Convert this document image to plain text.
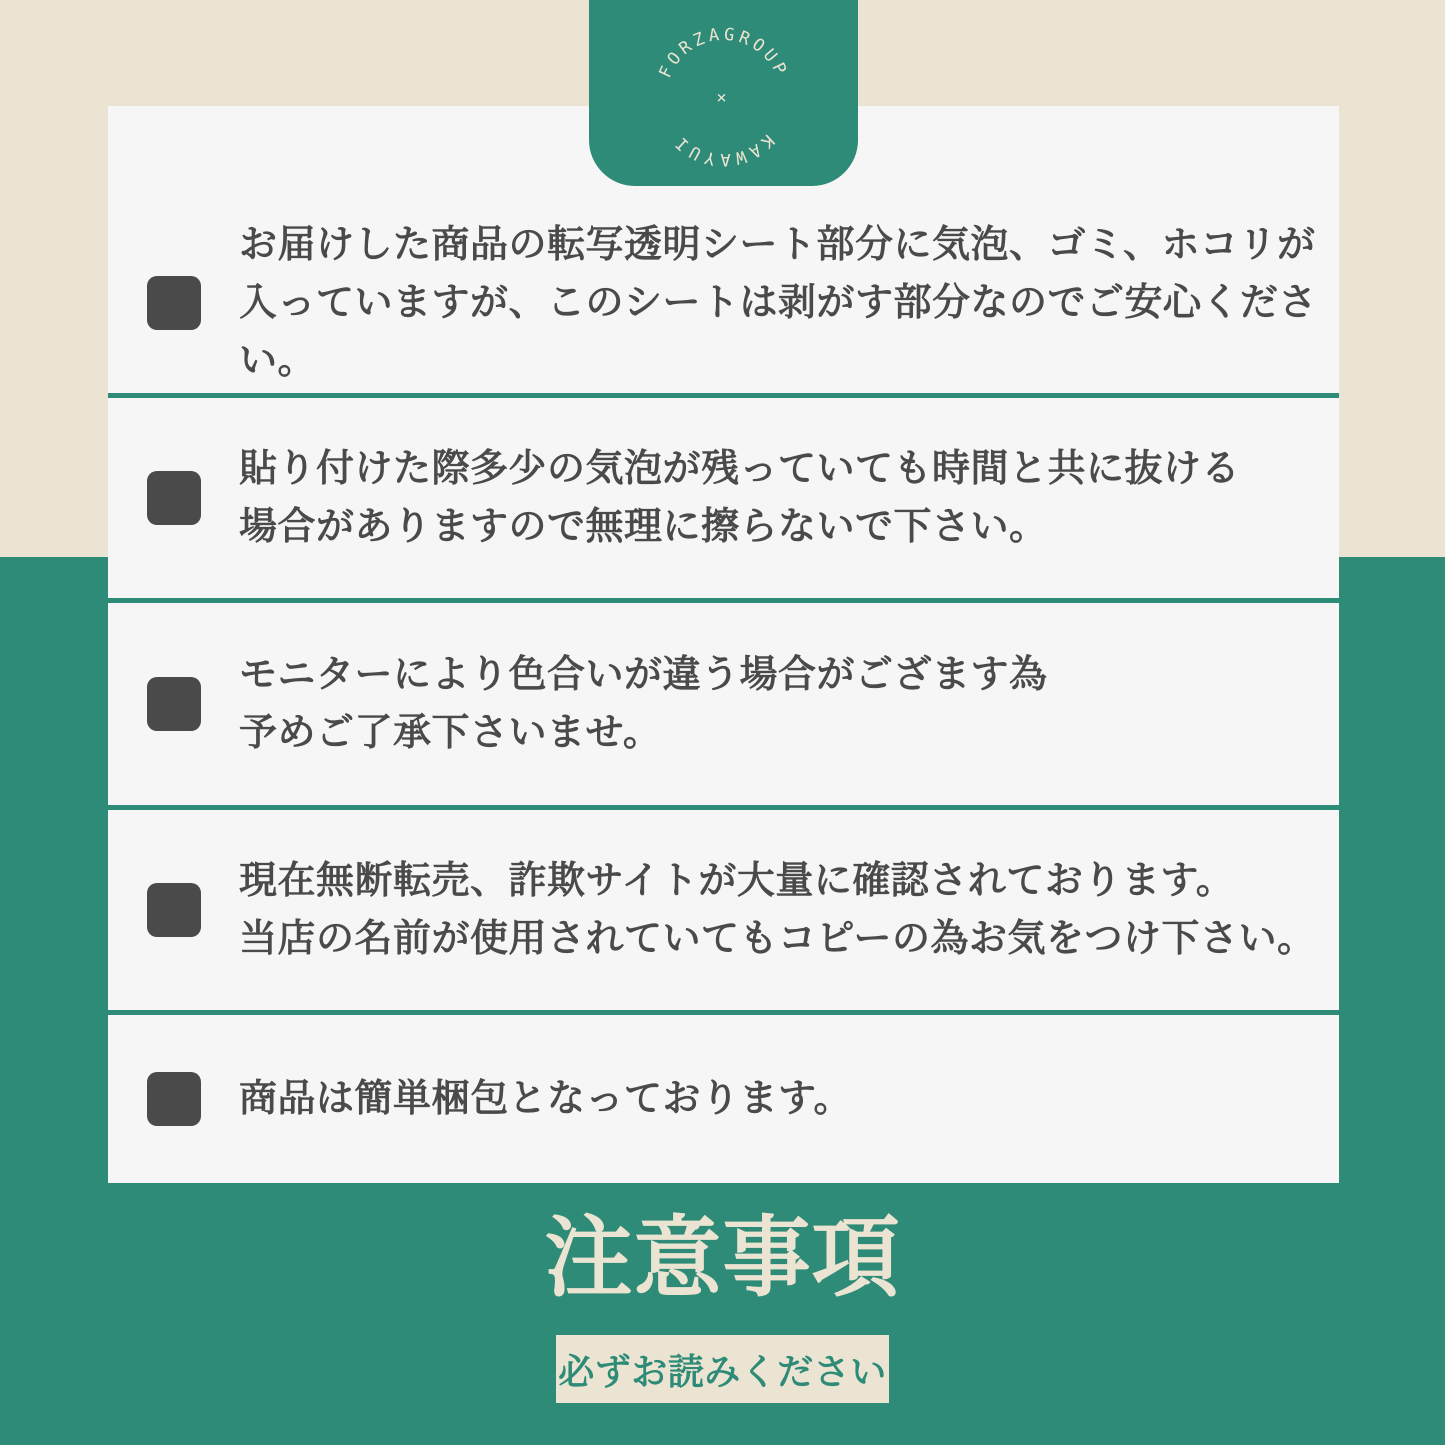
お届けした商品の転写透明シート部分に気泡、ゴミ、ホコリが
入っていますが、このシートは剥がす部分なのでご安心ください。
貼り付けた際多少の気泡が残っていても時間と共に抜ける
場合がありますので無理に擦らないで下さい。
モニターにより色合いが違う場合がござます為
予めご了承下さいませ。
現在無断転売、詐欺サイトが大量に確認されております。
当店の名前が使用されていてもコピーの為お気をつけ下さい。
商品は簡単梱包となっております。
FORZAGROUP
KAWAYUI
×
注意事項
必ずお読みください
